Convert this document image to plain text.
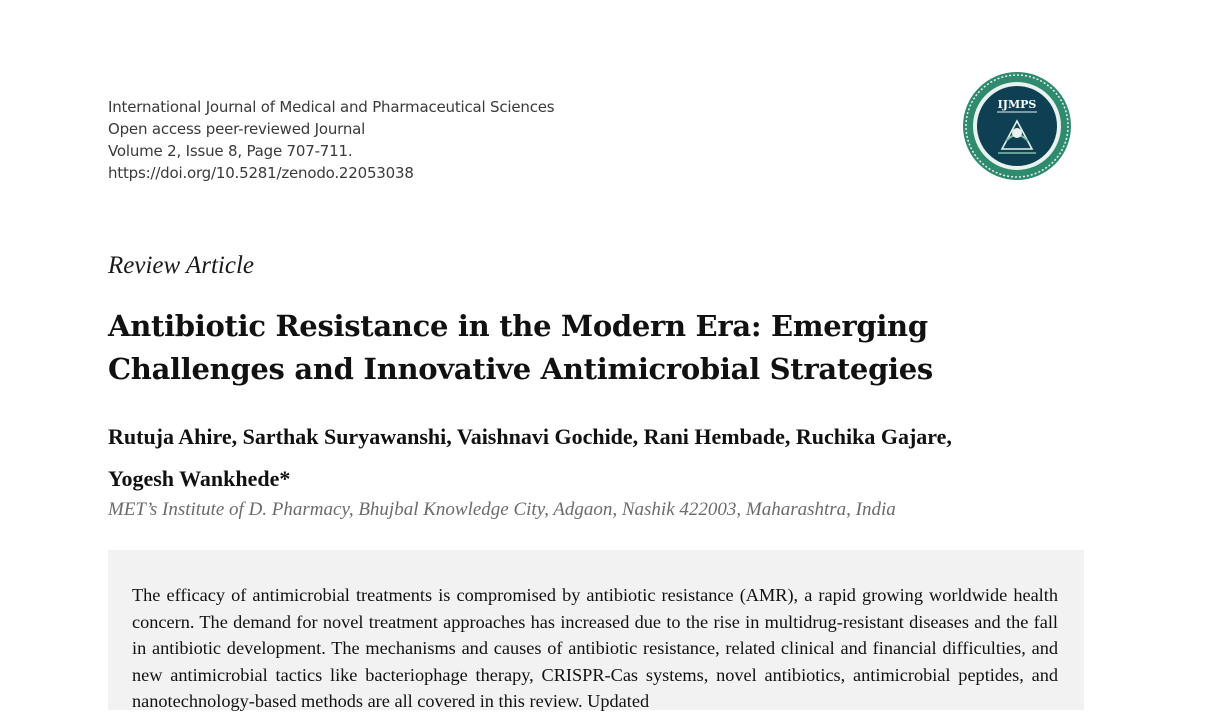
International Journal of Medical and Pharmaceutical Sciences
Open access peer-reviewed Journal
Volume 2, Issue 8, Page 707-711.
https://doi.org/10.5281/zenodo.22053038
IJMPS
Review Article
Antibiotic Resistance in the Modern Era: Emerging
Challenges and Innovative Antimicrobial Strategies
Rutuja Ahire, Sarthak Suryawanshi, Vaishnavi Gochide, Rani Hembade, Ruchika Gajare,
Yogesh Wankhede*
MET’s Institute of D. Pharmacy, Bhujbal Knowledge City, Adgaon, Nashik 422003, Maharashtra, India
The efficacy of antimicrobial treatments is compromised by antibiotic resistance (AMR), a rapid growing worldwide health concern. The demand for novel treatment approaches has increased due to the rise in multidrug-resistant diseases and the fall in antibiotic development. The mechanisms and causes of antibiotic resistance, related clinical and financial difficulties, and new antimicrobial tactics like bacteriophage therapy, CRISPR-Cas systems, novel antibiotics, antimicrobial peptides, and nanotechnology-based methods are all covered in this review. Updated
